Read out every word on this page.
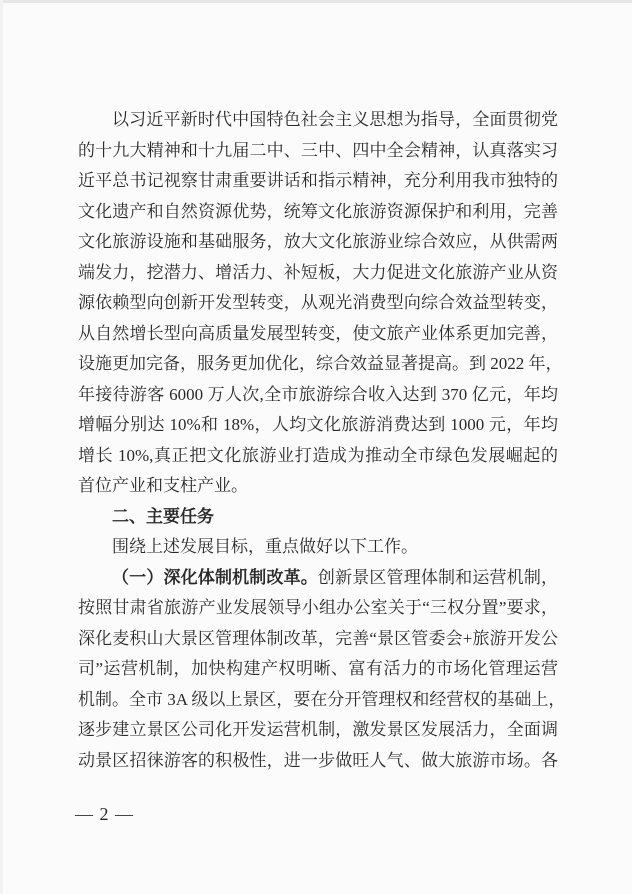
以习近平新时代中国特色社会主义思想为指导，全面贯彻党
的十九大精神和十九届二中、三中、四中全会精神，认真落实习
近平总书记视察甘肃重要讲话和指示精神，充分利用我市独特的
文化遗产和自然资源优势，统筹文化旅游资源保护和利用，完善
文化旅游设施和基础服务，放大文化旅游业综合效应，从供需两
端发力，挖潜力、增活力、补短板，大力促进文化旅游产业从资
源依赖型向创新开发型转变，从观光消费型向综合效益型转变，
从自然增长型向高质量发展型转变，使文旅产业体系更加完善，
设施更加完备，服务更加优化，综合效益显著提高。到 2022 年，
年接待游客 6000 万人次,全市旅游综合收入达到 370 亿元，年均
增幅分别达 10%和 18%，人均文化旅游消费达到 1000 元，年均
增长 10%,真正把文化旅游业打造成为推动全市绿色发展崛起的
首位产业和支柱产业。
二、主要任务
围绕上述发展目标，重点做好以下工作。
（一）深化体制机制改革。创新景区管理体制和运营机制，
按照甘肃省旅游产业发展领导小组办公室关于“三权分置”要求，
深化麦积山大景区管理体制改革，完善“景区管委会+旅游开发公
司”运营机制，加快构建产权明晰、富有活力的市场化管理运营
机制。全市 3A 级以上景区，要在分开管理权和经营权的基础上，
逐步建立景区公司化开发运营机制，激发景区发展活力，全面调
动景区招徕游客的积极性，进一步做旺人气、做大旅游市场。各
— 2 —
